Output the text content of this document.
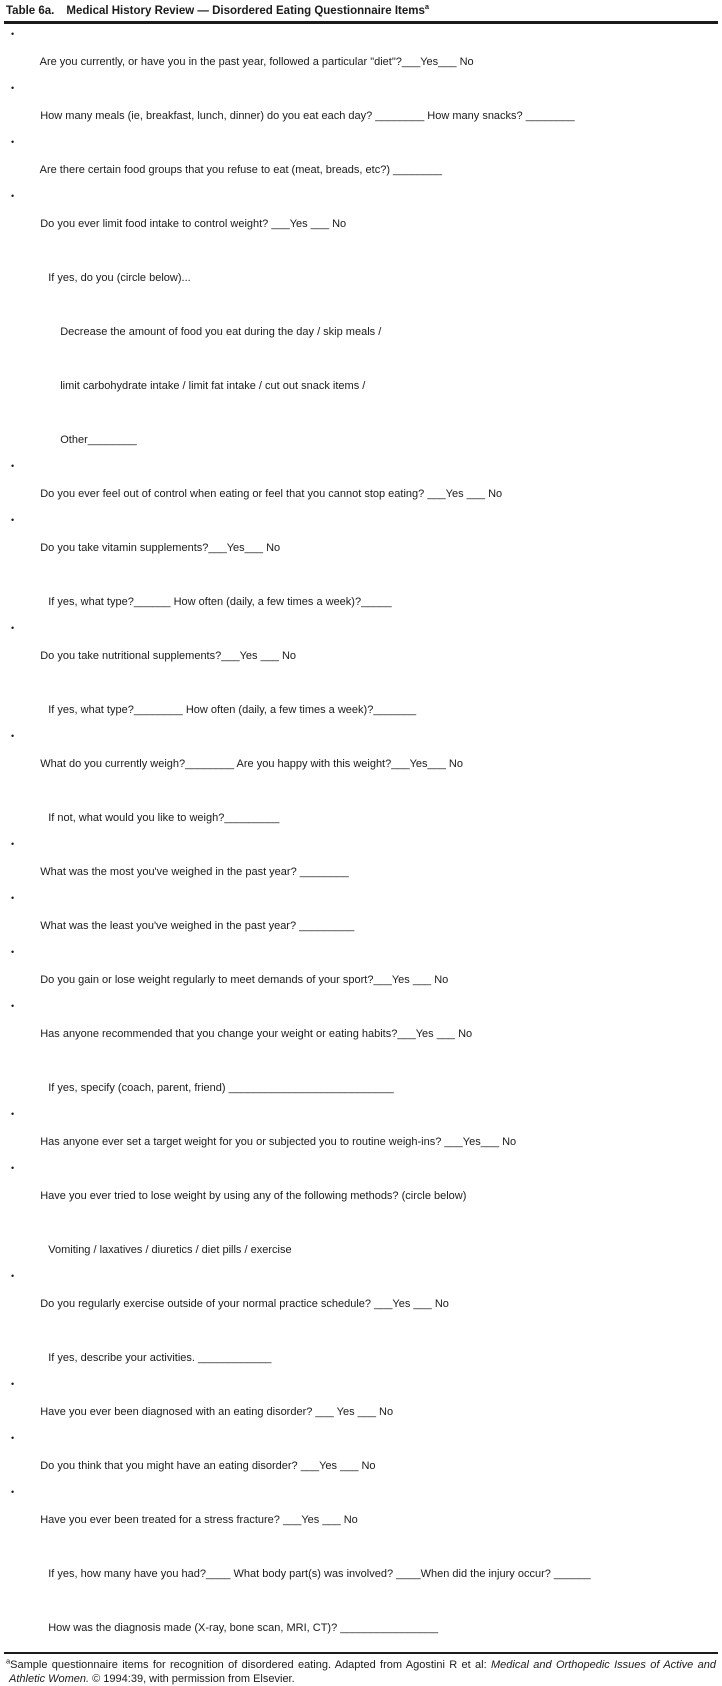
Table 6a. Medical History Review — Disordered Eating Questionnaire Items$^a$

•

Are you currently, or have you in the past year, followed a particular "diet"?___Yes___ No

•

How many meals (ie, breakfast, lunch, dinner) do you eat each day? ________ How many snacks? ________

•

Are there certain food groups that you refuse to eat (meat, breads, etc?) ________

•

Do you ever limit food intake to control weight? ___Yes ___ No

If yes, do you (circle below)...

Decrease the amount of food you eat during the day / skip meals /

limit carbohydrate intake / limit fat intake / cut out snack items /

Other________

•

Do you ever feel out of control when eating or feel that you cannot stop eating? ___Yes ___ No

•

Do you take vitamin supplements?___Yes___ No

If yes, what type?______ How often (daily, a few times a week)?_____

•

Do you take nutritional supplements?___Yes ___ No

If yes, what type?________ How often (daily, a few times a week)?_______

•

What do you currently weigh?________ Are you happy with this weight?___Yes___ No

If not, what would you like to weigh?_________

•

What was the most you've weighed in the past year? ________

•

What was the least you've weighed in the past year? _________

•

Do you gain or lose weight regularly to meet demands of your sport?___Yes ___ No

•

Has anyone recommended that you change your weight or eating habits?___Yes ___ No

If yes, specify (coach, parent, friend) ___________________________

•

Has anyone ever set a target weight for you or subjected you to routine weigh-ins? ___Yes___ No

•

Have you ever tried to lose weight by using any of the following methods? (circle below)

Vomiting / laxatives / diuretics / diet pills / exercise

•

Do you regularly exercise outside of your normal practice schedule? ___Yes ___ No

If yes, describe your activities. ____________

•

Have you ever been diagnosed with an eating disorder? ___ Yes ___ No

•

Do you think that you might have an eating disorder? ___Yes ___ No

•

Have you ever been treated for a stress fracture? ___Yes ___ No

If yes, how many have you had?____ What body part(s) was involved? ____When did the injury occur? ______

How was the diagnosis made (X-ray, bone scan, MRI, CT)? ________________

$^a$Sample questionnaire items for recognition of disordered eating. Adapted from Agostini R et al: Medical and Orthopedic Issues of Active and Athletic Women. © 1994:39, with permission from Elsevier.
